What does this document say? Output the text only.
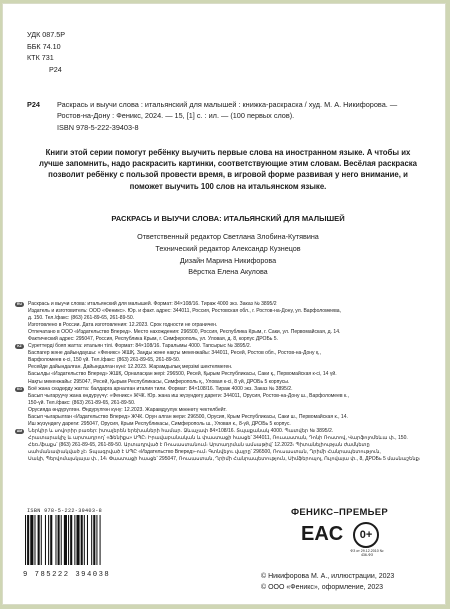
УДК 087.5Р
ББК 74.10
КТК 731
Р24
Р24 Раскрась и выучи слова : итальянский для малышей : книжка-раскраска / худ. М. А. Никифорова. — Ростов-на-Дону : Феникс, 2024. — 15, [1] с. : ил. — (100 первых слов).
ISBN 978-5-222-39403-8
Книги этой серии помогут ребёнку выучить первые слова на иностранном языке. А чтобы их лучше запомнить, надо раскрасить картинки, соответствующие этим словам. Весёлая раскраска позволит ребёнку с пользой провести время, в игровой форме развивая у него внимание, и поможет выучить 100 слов на итальянском языке.
РАСКРАСЬ И ВЫУЧИ СЛОВА: ИТАЛЬЯНСКИЙ ДЛЯ МАЛЫШЕЙ
Ответственный редактор Светлана Злобина-Кутявина
Технический редактор Александр Кузнецов
Дизайн Марина Никифорова
Вёрстка Елена Акулова
RU	Раскрась и выучи слова: итальянский для малышей. Формат: 84×108/16. Тираж 4000 экз. Заказ № 3895/2
Издатель и изготовитель: ООО «Феникс». Юр. и факт. адрес: 344011, Россия, Ростовская обл., г. Ростов-на-Дону, ул. Варфоломеева,
д. 150. Тел./факс: (863) 261-89-65, 261-89-50.
Изготовлено в России. Дата изготовления: 12.2023. Срок годности не ограничен.
Отпечатано в ООО «Издательство Вперед». Место нахождения: 296500, Россия, Республика Крым, г. Саки, ул. Первомайская, д. 14.
Фактический адрес: 295047, Россия, Республика Крым, г. Симферополь, ул. Уловая, д. 8, корпус ДРОБь 5.
KZ	Суреттерді бояп жатта: итальян тілі. Формат: 84×108/16. Таралымы 4000. Тапсырыс № 3895/2.
Баспагер және дайындаушы: «Феникс» ЖШҚ. Заңды және нақты мекенжайы: 344011, Ресей, Ростов обл., Ростов-на-Дону қ.,
Варфоломеев к-сі, 150 үй. Тел./факс: (863) 261-89-65, 261-89-50.
Ресейде дайындалған. Дайындалған күні: 12.2023. Жарамдылық мерзімі шектелмеген.
Басылды «Издательство Вперед» ЖШҚ. Орналасқан жері: 296500, Ресей, Қырым Республикасы, Саки қ., Первомайская к-сі, 14 үй.
Нақты мекенжайы: 295047, Ресей, Қырым Республикасы, Симферополь қ., Уловая к-сі, 8 үй, ДРОБь 5 корпусы.
KG	Боё жана сөздөрдү жатта: балдарга арналган италия тили. Формат: 84×108/16. Тираж 4000 экз. Заказ № 3895/2.
Басып чыгаруучу жана өндүрүүчү: «Феникс» ЖЧК. Юр. жана иш жүзүндөгү дареги: 344011, Орусия, Ростов-на-Дону ш., Варфоломеев к.,
150-үй. Тел./факс: (863) 261-89-65, 261-89-50.
Орусияда өндүрүлгөн. Өндүрүлгөн күнү: 12.2023. Жарамдуулук мөөнөтү чектелбейт.
Басып чыгарылган «Издательство Вперед» ЖЧК. Орун алган жери: 296500, Орусия, Крым Республикасы, Саки ш., Первомайская к., 14.
Иш жүзүндөгү дареги: 295047, Орусия, Крым Республикасы, Симферополь ш., Уловая к., 8-үй, ДРОБь 5 корпус.
AM	Ներկիր և սովորիր բառեր: իտալերեն երեխաների համար. Ձևաչափ 84×108/16. Տպաքանակ 4000. Պատվեր № 3895/2.
Հրատարակիչ և արտադրող՝ «Ֆենիքս» ՍՊԸ։ Իրավաբանական և փաստացի հասցե՝ 344011, Ռուսաստան, Դոնի Ռոստով, Վարֆոլոմեևա փ., 150.
Հեռ./ֆաքս՝ (863) 261-89-65, 261-89-50. Արտադրված է Ռուսաստանում։ Արտադրման ամսաթիվ՝ 12.2023։ Պիտանելիության ժամկետը
սահմանափակված չէ։ Տպագրված է ՍՊԸ «Издательство Вперед»-ում։ Գտնվելու վայրը՝ 296500, Ռուսաստան, Ղրիմի Հանրապետություն,
Սակի, Պերվոմայսկայա փ., 14։ Փաստացի հասցե՝ 295047, Ռուսաստան, Ղրիմի Հանրապետություն, Սիմֆերոպոլ, Ուլովայա փ., 8, ДРОБь 5 մասնաշենք։
ISBN 978-5-222-39403-8
9 785222 394038
ФЕНИКС–ПРЕМЬЕР
EAC	0+
ФЗ от 29.12.2010 № 436-ФЗ
© Никифорова М. А., иллюстрации, 2023
© ООО «Феникс», оформление, 2023
